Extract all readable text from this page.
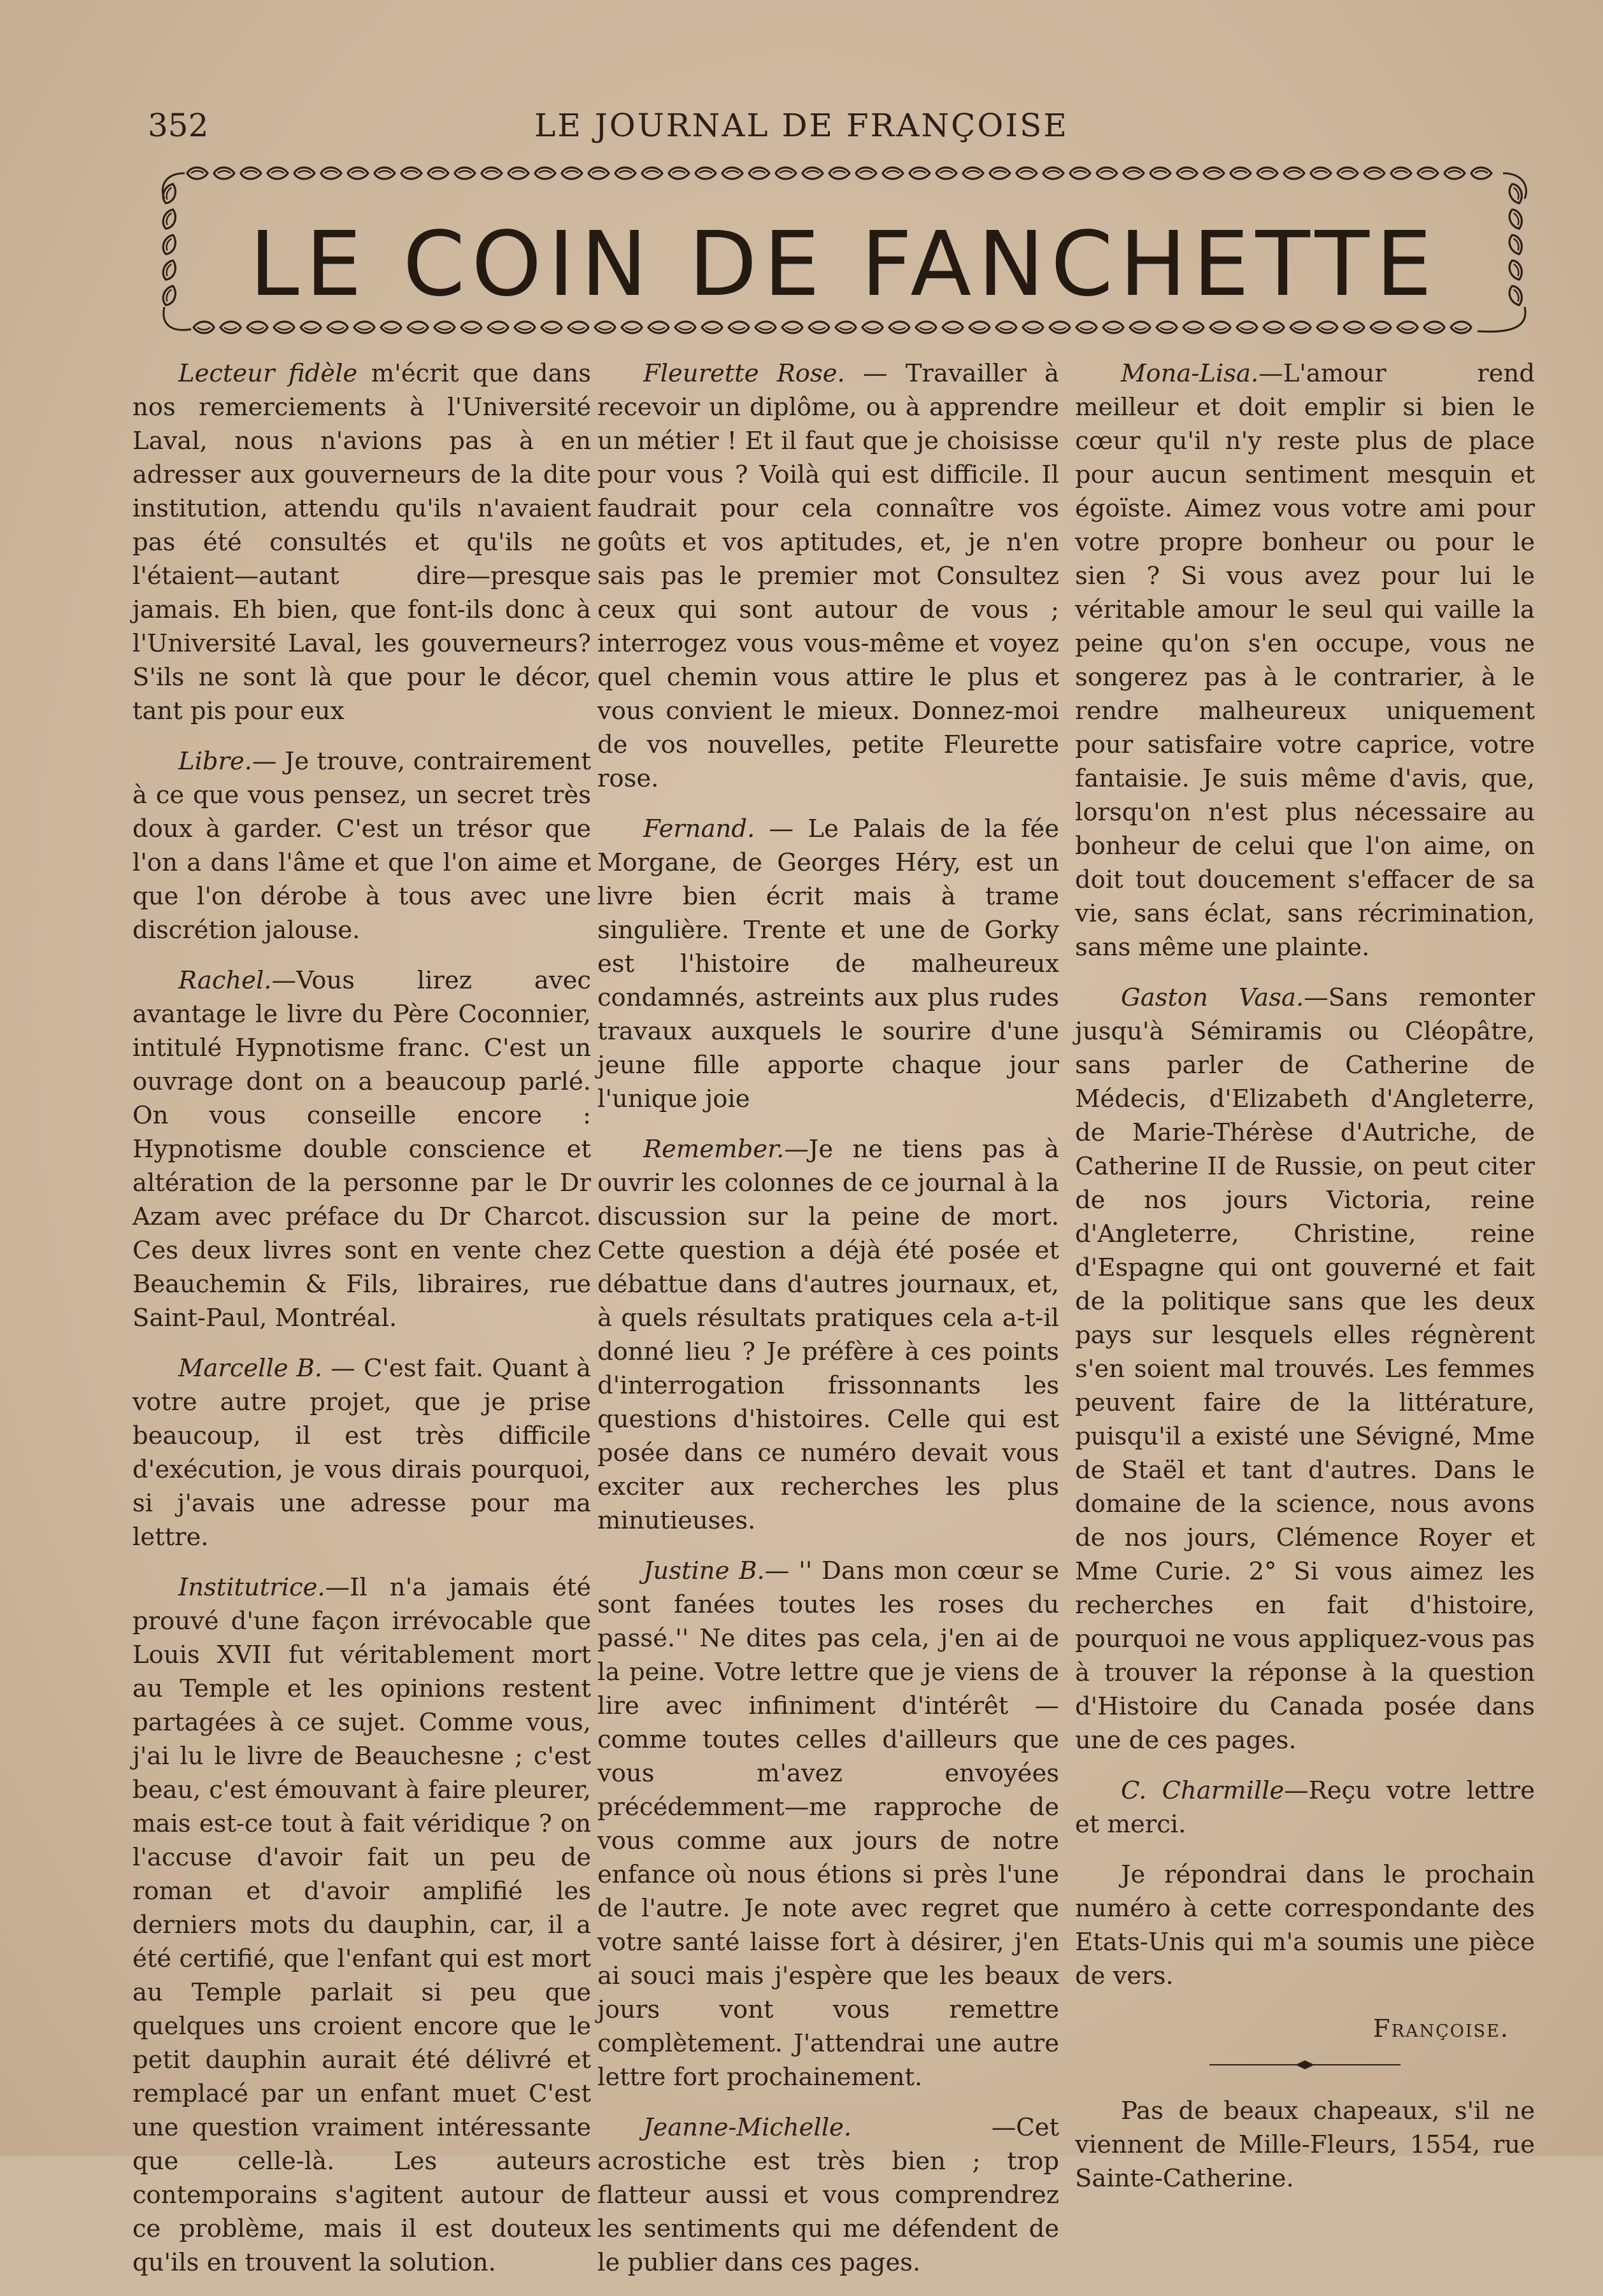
352	LE JOURNAL DE FRANÇOISE
LE COIN DE FANCHETTE

Lecteur fidèle m'écrit que dans nos remerciements à l'Université Laval, nous n'avions pas à en adresser aux gouverneurs de la dite institution, attendu qu'ils n'avaient pas été consultés et qu'ils ne l'étaient—autant dire—presque jamais. Eh bien, que font-ils donc à l'Université Laval, les gouverneurs? S'ils ne sont là que pour le décor, tant pis pour eux

Libre.— Je trouve, contrairement à ce que vous pensez, un secret très doux à garder. C'est un trésor que l'on a dans l'âme et que l'on aime et que l'on dérobe à tous avec une discrétion jalouse.

Rachel.—Vous lirez avec avantage le livre du Père Coconnier, intitulé Hypnotisme franc. C'est un ouvrage dont on a beaucoup parlé. On vous conseille encore : Hypnotisme double conscience et altération de la personne par le Dr Azam avec préface du Dr Charcot. Ces deux livres sont en vente chez Beauchemin & Fils, libraires, rue Saint-Paul, Montréal.

Marcelle B. — C'est fait. Quant à votre autre projet, que je prise beaucoup, il est très difficile d'exécution, je vous dirais pourquoi, si j'avais une adresse pour ma lettre.

Institutrice.—Il n'a jamais été prouvé d'une façon irrévocable que Louis XVII fut véritablement mort au Temple et les opinions restent partagées à ce sujet. Comme vous, j'ai lu le livre de Beauchesne ; c'est beau, c'est émouvant à faire pleurer, mais est-ce tout à fait véridique ? on l'accuse d'avoir fait un peu de roman et d'avoir amplifié les derniers mots du dauphin, car, il a été certifié, que l'enfant qui est mort au Temple parlait si peu que quelques uns croient encore que le petit dauphin aurait été délivré et remplacé par un enfant muet C'est une question vraiment intéressante que celle-là. Les auteurs contemporains s'agitent autour de ce problème, mais il est douteux qu'ils en trouvent la solution.

Fleurette Rose. — Travailler à recevoir un diplôme, ou à apprendre un métier ! Et il faut que je choisisse pour vous ? Voilà qui est difficile. Il faudrait pour cela connaître vos goûts et vos aptitudes, et, je n'en sais pas le premier mot Consultez ceux qui sont autour de vous ; interrogez vous vous-même et voyez quel chemin vous attire le plus et vous convient le mieux. Donnez-moi de vos nouvelles, petite Fleurette rose.

Fernand. — Le Palais de la fée Morgane, de Georges Héry, est un livre bien écrit mais à trame singulière. Trente et une de Gorky est l'histoire de malheureux condamnés, astreints aux plus rudes travaux auxquels le sourire d'une jeune fille apporte chaque jour l'unique joie

Remember.—Je ne tiens pas à ouvrir les colonnes de ce journal à la discussion sur la peine de mort. Cette question a déjà été posée et débattue dans d'autres journaux, et, à quels résultats pratiques cela a-t-il donné lieu ? Je préfère à ces points d'interrogation frissonnants les questions d'histoires. Celle qui est posée dans ce numéro devait vous exciter aux recherches les plus minutieuses.

Justine B.— '' Dans mon cœur se sont fanées toutes les roses du passé.'' Ne dites pas cela, j'en ai de la peine. Votre lettre que je viens de lire avec infiniment d'intérêt — comme toutes celles d'ailleurs que vous m'avez envoyées précédemment—me rapproche de vous comme aux jours de notre enfance où nous étions si près l'une de l'autre. Je note avec regret que votre santé laisse fort à désirer, j'en ai souci mais j'espère que les beaux jours vont vous remettre complètement. J'attendrai une autre lettre fort prochainement.

Jeanne-Michelle. —Cet acrostiche est très bien ; trop flatteur aussi et vous comprendrez les sentiments qui me défendent de le publier dans ces pages.

Mona-Lisa.—L'amour rend meilleur et doit emplir si bien le cœur qu'il n'y reste plus de place pour aucun sentiment mesquin et égoïste. Aimez vous votre ami pour votre propre bonheur ou pour le sien ? Si vous avez pour lui le véritable amour le seul qui vaille la peine qu'on s'en occupe, vous ne songerez pas à le contrarier, à le rendre malheureux uniquement pour satisfaire votre caprice, votre fantaisie. Je suis même d'avis, que, lorsqu'on n'est plus nécessaire au bonheur de celui que l'on aime, on doit tout doucement s'effacer de sa vie, sans éclat, sans récrimination, sans même une plainte.

Gaston Vasa.—Sans remonter jusqu'à Sémiramis ou Cléopâtre, sans parler de Catherine de Médecis, d'Elizabeth d'Angleterre, de Marie-Thérèse d'Autriche, de Catherine II de Russie, on peut citer de nos jours Victoria, reine d'Angleterre, Christine, reine d'Espagne qui ont gouverné et fait de la politique sans que les deux pays sur lesquels elles régnèrent s'en soient mal trouvés. Les femmes peuvent faire de la littérature, puisqu'il a existé une Sévigné, Mme de Staël et tant d'autres. Dans le domaine de la science, nous avons de nos jours, Clémence Royer et Mme Curie. 2° Si vous aimez les recherches en fait d'histoire, pourquoi ne vous appliquez-vous pas à trouver la réponse à la question d'Histoire du Canada posée dans une de ces pages.

C. Charmille—Reçu votre lettre et merci.

Je répondrai dans le prochain numéro à cette correspondante des Etats-Unis qui m'a soumis une pièce de vers.

Françoise.

Pas de beaux chapeaux, s'il ne viennent de Mille-Fleurs, 1554, rue Sainte-Catherine.
